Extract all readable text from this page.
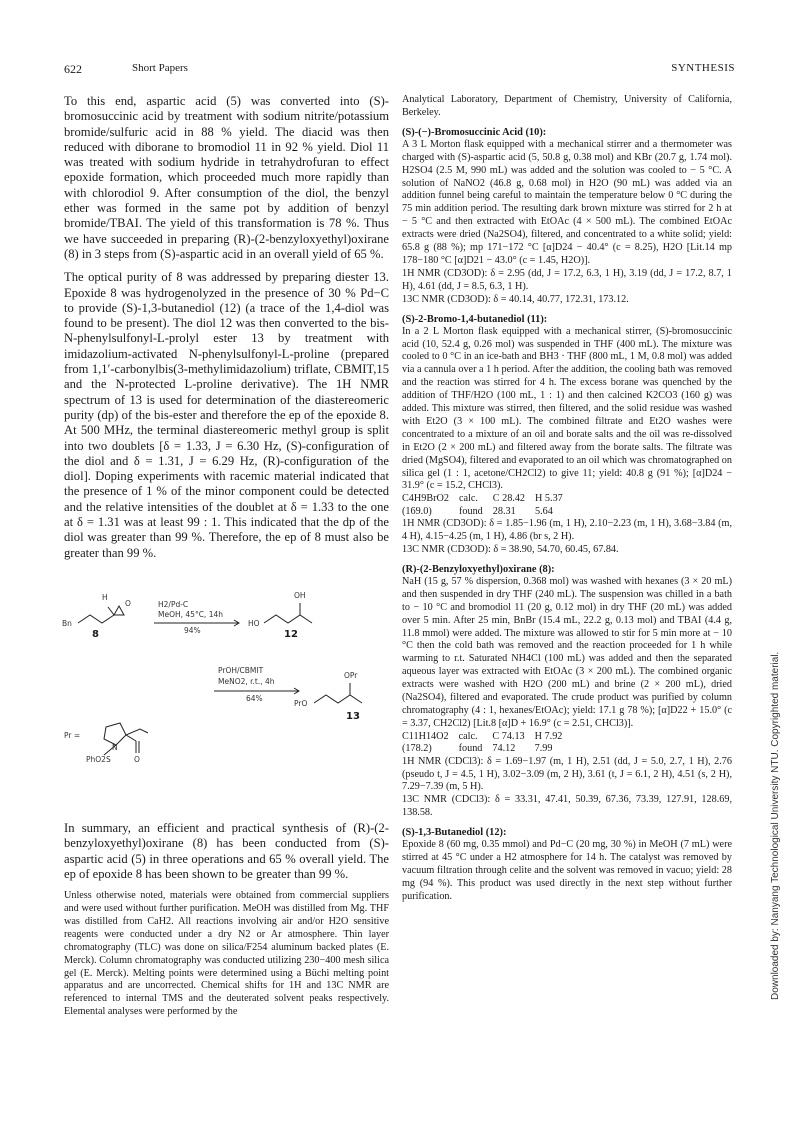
622	Short Papers	SYNTHESIS

To this end, aspartic acid (5) was converted into (S)-bromosuccinic acid by treatment with sodium nitrite/potassium bromide/sulfuric acid in 88 % yield. The diacid was then reduced with diborane to bromodiol 11 in 92 % yield. Diol 11 was treated with sodium hydride in tetrahydrofuran to effect epoxide formation, which proceeded much more rapidly than with chlorodiol 9. After consumption of the diol, the benzyl ether was formed in the same pot by addition of benzyl bromide/TBAI. The yield of this transformation is 78 %. Thus we have succeeded in preparing (R)-(2-benzyloxyethyl)oxirane (8) in 3 steps from (S)-aspartic acid in an overall yield of 65 %.

The optical purity of 8 was addressed by preparing diester 13. Epoxide 8 was hydrogenolyzed in the presence of 30 % Pd−C to provide (S)-1,3-butanediol (12) (a trace of the 1,4-diol was found to be present). The diol 12 was then converted to the bis-N-phenylsulfonyl-L-prolyl ester 13 by treatment with imidazolium-activated N-phenylsulfonyl-L-proline (prepared from 1,1′-carbonylbis(3-methylimidazolium) triflate, CBMIT,15 and the N-protected L-proline derivative). The 1H NMR spectrum of 13 is used for determination of the diastereomeric purity (dp) of the bis-ester and therefore the ep of the epoxide 8. At 500 MHz, the terminal diastereomeric methyl group is split into two doublets [δ = 1.33, J = 6.30 Hz, (S)-configuration of the diol and δ = 1.31, J = 6.29 Hz, (R)-configuration of the diol]. Doping experiments with racemic material indicated that the presence of 1 % of the minor component could be detected and the relative intensities of the doublet at δ = 1.33 to the one at δ = 1.31 was at least 99 : 1. This indicated that the dp of the diol was greater than 99 %. Therefore, the ep of 8 must also be greater than 99 %.

H
O
Bn
H2/Pd-C
MeOH, 45°C, 14h
94%
OH
HO
8	12
PrOH/CBMIT
MeNO2, r.t., 4h
64%
OPr
PrO
13
Pr =
N
PhO2S	O

In summary, an efficient and practical synthesis of (R)-(2-benzyloxyethyl)oxirane (8) has been conducted from (S)-aspartic acid (5) in three operations and 65 % overall yield. The ep of epoxide 8 has been shown to be greater than 99 %.

Unless otherwise noted, materials were obtained from commercial suppliers and were used without further purification. MeOH was distilled from Mg. THF was distilled from CaH2. All reactions involving air and/or H2O sensitive reagents were conducted under a dry N2 or Ar atmosphere. Thin layer chromatography (TLC) was done on silica/F254 aluminum backed plates (E. Merck). Column chromatography was conducted utilizing 230−400 mesh silica gel (E. Merck). Melting points were determined using a Büchi melting point apparatus and are uncorrected. Chemical shifts for 1H and 13C NMR are referenced to internal TMS and the deuterated solvent peaks respectively. Elemental analyses were performed by the

Analytical Laboratory, Department of Chemistry, University of California, Berkeley.

(S)-(−)-Bromosuccinic Acid (10):

A 3 L Morton flask equipped with a mechanical stirrer and a thermometer was charged with (S)-aspartic acid (5, 50.8 g, 0.38 mol) and KBr (20.7 g, 1.74 mol). H2SO4 (2.5 M, 990 mL) was added and the solution was cooled to − 5 °C. A solution of NaNO2 (46.8 g, 0.68 mol) in H2O (90 mL) was added via an addition funnel being careful to maintain the temperature below 0 °C during the 75 min addition period. The resulting dark brown mixture was stirred for 2 h at − 5 °C and then extracted with EtOAc (4 × 500 mL). The combined EtOAc extracts were dried (Na2SO4), filtered, and concentrated to a white solid; yield: 65.8 g (88 %); mp 171−172 °C [α]D24 − 40.4° (c = 8.25), H2O [Lit.14 mp 178−180 °C [α]D21 − 43.0° (c = 1.45, H2O)].

1H NMR (CD3OD): δ = 2.95 (dd, J = 17.2, 6.3, 1 H), 3.19 (dd, J = 17.2, 8.7, 1 H), 4.61 (dd, J = 8.5, 6.3, 1 H).

13C NMR (CD3OD): δ = 40.14, 40.77, 172.31, 173.12.

(S)-2-Bromo-1,4-butanediol (11):

In a 2 L Morton flask equipped with a mechanical stirrer, (S)-bromosuccinic acid (10, 52.4 g, 0.26 mol) was suspended in THF (400 mL). The mixture was cooled to 0 °C in an ice-bath and BH3 · THF (800 mL, 1 M, 0.8 mol) was added via a cannula over a 1 h period. After the addition, the cooling bath was removed and the reaction was stirred for 4 h. The excess borane was quenched by the addition of THF/H2O (100 mL, 1 : 1) and then calcined K2CO3 (160 g) was added. This mixture was stirred, then filtered, and the solid residue was washed with Et2O (3 × 100 mL). The combined filtrate and Et2O washes were concentrated to a mixture of an oil and borate salts and the oil was re-dissolved in Et2O (2 × 200 mL) and filtered away from the borate salts. The filtrate was dried (MgSO4), filtered and evaporated to an oil which was chromatographed on silica gel (1 : 1, acetone/CH2Cl2) to give 11; yield: 40.8 g (91 %); [α]D24 − 31.9° (c = 15.2, CHCl3).

C4H9BrO2	calc.	C 28.42	H 5.37
(169.0)	found	28.31	5.64

1H NMR (CD3OD): δ = 1.85−1.96 (m, 1 H), 2.10−2.23 (m, 1 H), 3.68−3.84 (m, 4 H), 4.15−4.25 (m, 1 H), 4.86 (br s, 2 H).

13C NMR (CD3OD): δ = 38.90, 54.70, 60.45, 67.84.

(R)-(2-Benzyloxyethyl)oxirane (8):

NaH (15 g, 57 % dispersion, 0.368 mol) was washed with hexanes (3 × 20 mL) and then suspended in dry THF (240 mL). The suspension was chilled in a bath to − 10 °C and bromodiol 11 (20 g, 0.12 mol) in dry THF (20 mL) was added over 5 min. After 25 min, BnBr (15.4 mL, 22.2 g, 0.13 mol) and TBAI (4.4 g, 11.8 mmol) were added. The mixture was allowed to stir for 5 min more at − 10 °C then the cold bath was removed and the reaction proceeded for 1 h while warming to r.t. Saturated NH4Cl (100 mL) was added and then the separated aqueous layer was extracted with EtOAc (3 × 200 mL). The combined organic extracts were washed with H2O (200 mL) and brine (2 × 200 mL), dried (Na2SO4), filtered and evaporated. The crude product was purified by column chromatography (4 : 1, hexanes/EtOAc); yield: 17.1 g 78 %); [α]D22 + 15.0° (c = 3.37, CH2Cl2) [Lit.8 [α]D + 16.9° (c = 2.51, CHCl3)].

C11H14O2	calc.	C 74.13	H 7.92
(178.2)	found	74.12	7.99

1H NMR (CDCl3): δ = 1.69−1.97 (m, 1 H), 2.51 (dd, J = 5.0, 2.7, 1 H), 2.76 (pseudo t, J = 4.5, 1 H), 3.02−3.09 (m, 2 H), 3.61 (t, J = 6.1, 2 H), 4.51 (s, 2 H), 7.29−7.39 (m, 5 H).

13C NMR (CDCl3): δ = 33.31, 47.41, 50.39, 67.36, 73.39, 127.91, 128.69, 138.58.

(S)-1,3-Butanediol (12):

Epoxide 8 (60 mg, 0.35 mmol) and Pd−C (20 mg, 30 %) in MeOH (7 mL) were stirred at 45 °C under a H2 atmosphere for 14 h. The catalyst was removed by vacuum filtration through celite and the solvent was removed in vacuo; yield: 28 mg (94 %). This product was used directly in the next step without further purification.	Downloaded by: Nanyang Technological University NTU. Copyrighted material.
